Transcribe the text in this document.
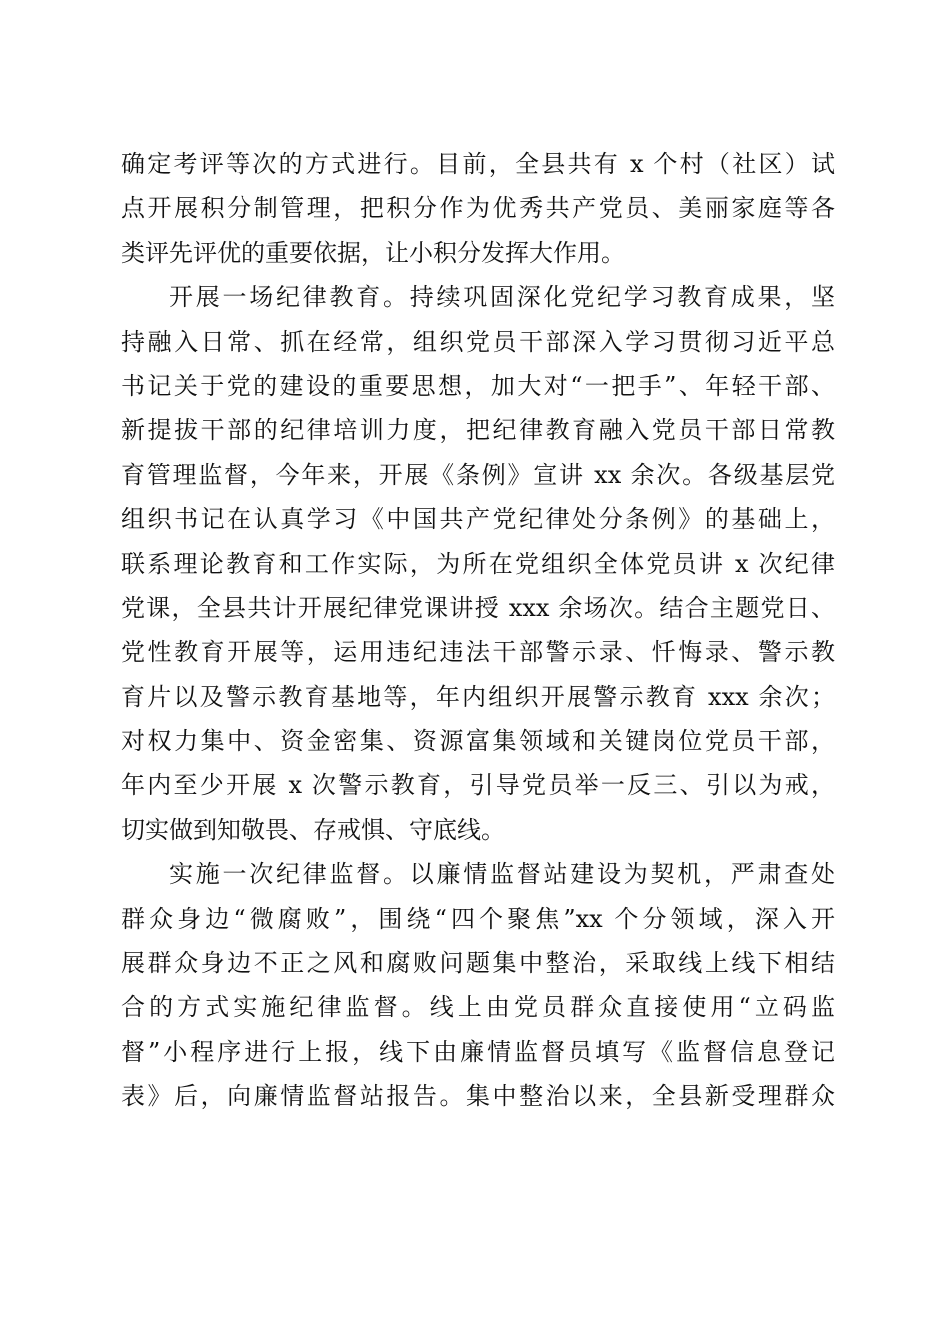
确定考评等次的方式进行。目前，全县共有 x 个村（社区）试
点开展积分制管理，把积分作为优秀共产党员、美丽家庭等各
类评先评优的重要依据，让小积分发挥大作用。
开展一场纪律教育。持续巩固深化党纪学习教育成果，坚
持融入日常、抓在经常，组织党员干部深入学习贯彻习近平总
书记关于党的建设的重要思想，加大对“一把手”、年轻干部、
新提拔干部的纪律培训力度，把纪律教育融入党员干部日常教
育管理监督，今年来，开展《条例》宣讲 xx 余次。各级基层党
组织书记在认真学习《中国共产党纪律处分条例》的基础上，
联系理论教育和工作实际，为所在党组织全体党员讲 x 次纪律
党课，全县共计开展纪律党课讲授 xxx 余场次。结合主题党日、
党性教育开展等，运用违纪违法干部警示录、忏悔录、警示教
育片以及警示教育基地等，年内组织开展警示教育 xxx 余次；
对权力集中、资金密集、资源富集领域和关键岗位党员干部，
年内至少开展 x 次警示教育，引导党员举一反三、引以为戒，
切实做到知敬畏、存戒惧、守底线。
实施一次纪律监督。以廉情监督站建设为契机，严肃查处
群众身边“微腐败”，围绕“四个聚焦”xx 个分领域，深入开
展群众身边不正之风和腐败问题集中整治，采取线上线下相结
合的方式实施纪律监督。线上由党员群众直接使用“立码监
督”小程序进行上报，线下由廉情监督员填写《监督信息登记
表》后，向廉情监督站报告。集中整治以来，全县新受理群众
